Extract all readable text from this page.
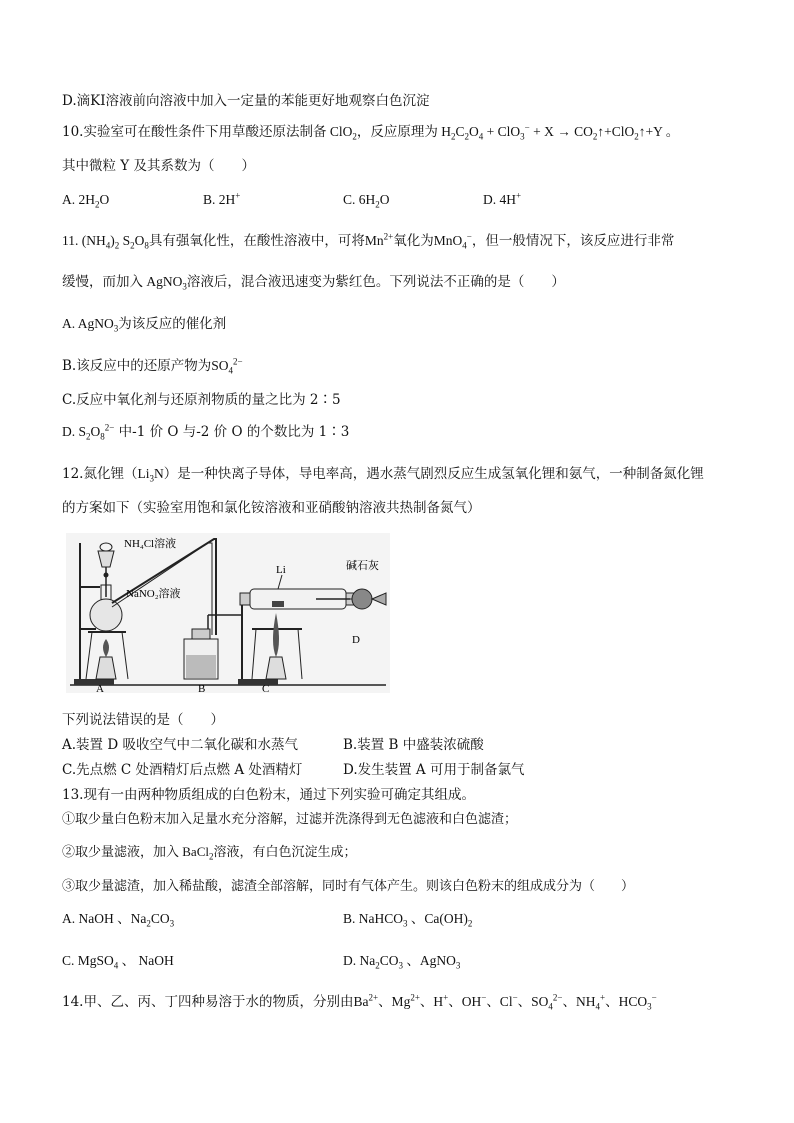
D.滴KI溶液前向溶液中加入一定量的苯能更好地观察白色沉淀
10.实验室可在酸性条件下用草酸还原法制备 ClO$_2$，反应原理为 $H_2C_2O_4 + ClO_3^- + X$ → $CO_2↑+ClO_2↑+Y$ 。
其中微粒 Y 及其系数为（　　）
A. $2H_2O$	B. 2H+	C. $6H_2O$	D. 4H+
11. $(NH_4)_2$ $S_2O_8$具有强氧化性，在酸性溶液中，可将$Mn^{2+}$氧化为MnO$_4$−，但一般情况下，该反应进行非常
缓慢，而加入 AgNO$_3$溶液后，混合液迅速变为紫红色。下列说法不正确的是（　　）
A. AgNO$_3$为该反应的催化剂
B.该反应中的还原产物为$SO_4^{2-}$
C.反应中氧化剂与还原剂物质的量之比为 2∶5
D. $S_2O_8^{2-}$ 中-1 价 O 与-2 价 O 的个数比为 1∶3
12.氮化锂$(Li_3N)$是一种快离子导体，导电率高，遇水蒸气剧烈反应生成氢氧化锂和氨气，一种制备氮化锂
的方案如下（实验室用饱和氯化铵溶液和亚硝酸钠溶液共热制备氮气）
NH₄Cl溶液
NaNO₂溶液
Li	碱石灰
A	B	C
D
下列说法错误的是（　　）
A.装置 D 吸收空气中二氧化碳和水蒸气	B.装置 B 中盛装浓硫酸
C.先点燃 C 处酒精灯后点燃 A 处酒精灯	D.发生装置 A 可用于制备氯气
13.现有一由两种物质组成的白色粉末，通过下列实验可确定其组成。
①取少量白色粉末加入足量水充分溶解，过滤并洗涤得到无色滤液和白色滤渣；
②取少量滤液，加入 BaCl$_2$溶液，有白色沉淀生成；
③取少量滤渣，加入稀盐酸，滤渣全部溶解，同时有气体产生。则该白色粉末的组成成分为（　　）
A. NaOH 、$Na_2CO_3$	B. NaHCO$_3$ 、$Ca(OH)_2$
C. MgSO$_4$ 、 NaOH	D. $Na_2CO_3$ 、AgNO$_3$
14.甲、乙、丙、丁四种易溶于水的物质，分别由$Ba^{2+}$、$Mg^{2+}$、H+、OH−、Cl−、$SO_4^{2-}$、$NH_4^+$、$HCO_3^-$
